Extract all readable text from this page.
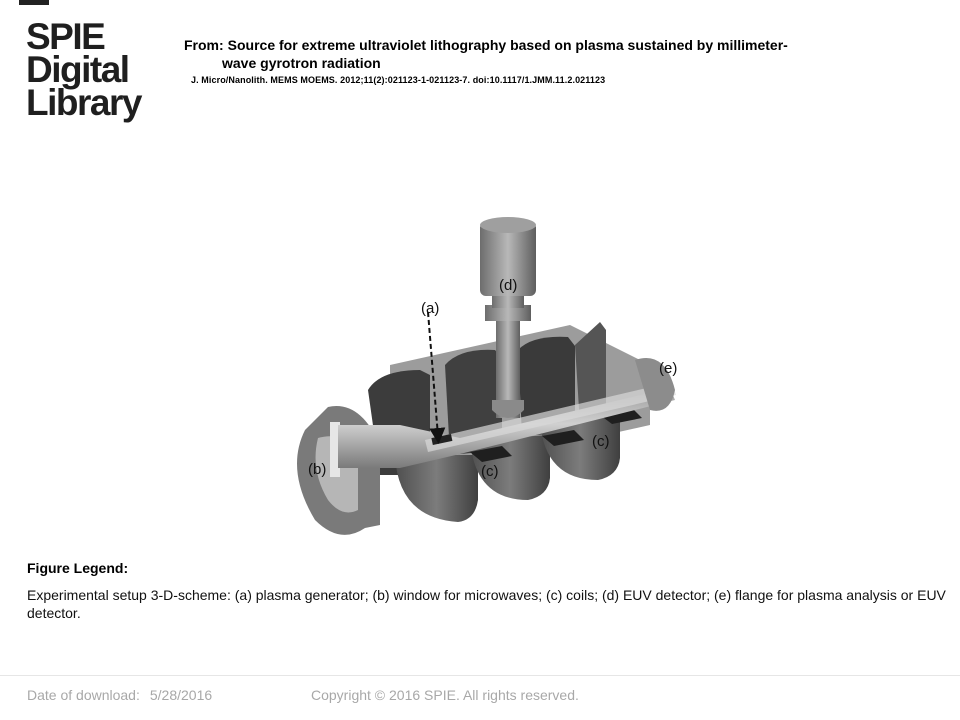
SPIE
Digital
Library
From: Source for extreme ultraviolet lithography based on plasma sustained by millimeter-
wave gyrotron radiation
J. Micro/Nanolith. MEMS MOEMS. 2012;11(2):021123-1-021123-7. doi:10.1117/1.JMM.11.2.021123
(a)
(b)	(c)
(c)
(d)
(e)
Figure Legend:
Experimental setup 3-D-scheme: (a) plasma generator; (b) window for microwaves; (c) coils; (d) EUV detector; (e) flange for plasma analysis or EUV detector.
Date of download: 5/28/2016	Copyright © 2016 SPIE. All rights reserved.
